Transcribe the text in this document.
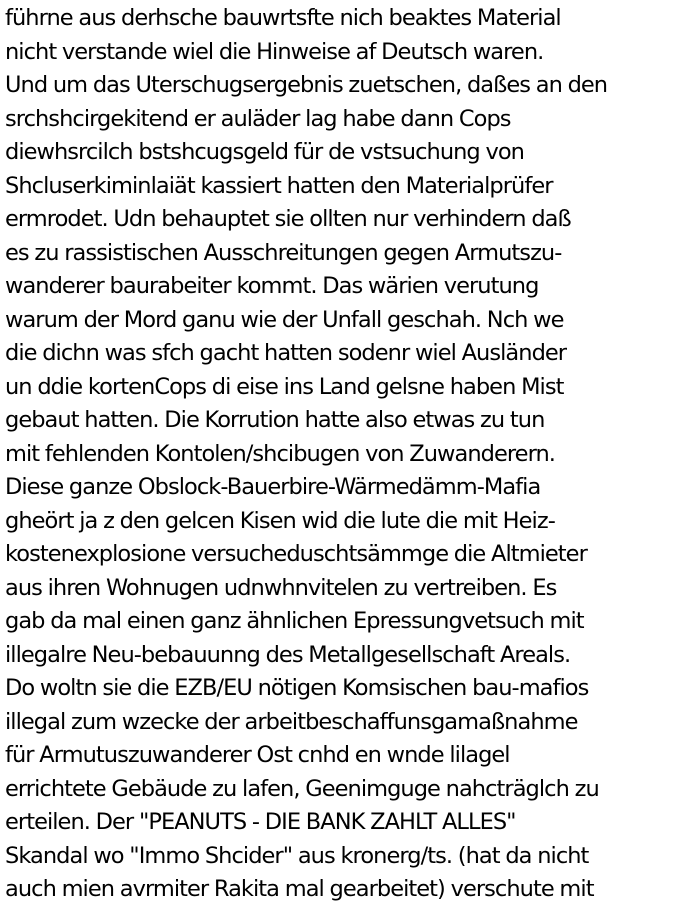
führne aus derhsche bauwrtsfte nich beaktes Material
nicht verstande wiel die Hinweise af Deutsch waren.
Und um das Uterschugsergebnis zuetschen, daßes an den
srchshcirgekitend er auläder lag habe dann Cops
diewhsrcilch bstshcugsgeld für de vstsuchung von
Shcluserkiminlaiät kassiert hatten den Materialprüfer
ermrodet. Udn behauptet sie ollten nur verhindern daß
es zu rassistischen Ausschreitungen gegen Armutszu-
wanderer baurabeiter kommt. Das wärien verutung
warum der Mord ganu wie der Unfall geschah. Nch we
die dichn was sfch gacht hatten sodenr wiel Ausländer
un ddie kortenCops di eise ins Land gelsne haben Mist
gebaut hatten. Die Korrution hatte also etwas zu tun
mit fehlenden Kontolen/shcibugen von Zuwanderern.
Diese ganze Obslock-Bauerbire-Wärmedämm-Mafia
gheört ja z den gelcen Kisen wid die lute die mit Heiz-
kostenexplosione versucheduschtsämmge die Altmieter
aus ihren Wohnugen udnwhnvitelen zu vertreiben. Es
gab da mal einen ganz ähnlichen Epressungvetsuch mit
illegalre Neu-bebauunng des Metallgesellschaft Areals.
Do woltn sie die EZB/EU nötigen Komsischen bau-mafios
illegal zum wzecke der arbeitbeschaffunsgamaßnahme
für Armutuszuwanderer Ost cnhd en wnde lilagel
errichtete Gebäude zu lafen, Geenimguge nahcträglch zu
erteilen. Der "PEANUTS - DIE BANK ZAHLT ALLES"
Skandal wo "Immo Shcider" aus kronerg/ts. (hat da nicht
auch mien avrmiter Rakita mal gearbeitet) verschute mit
